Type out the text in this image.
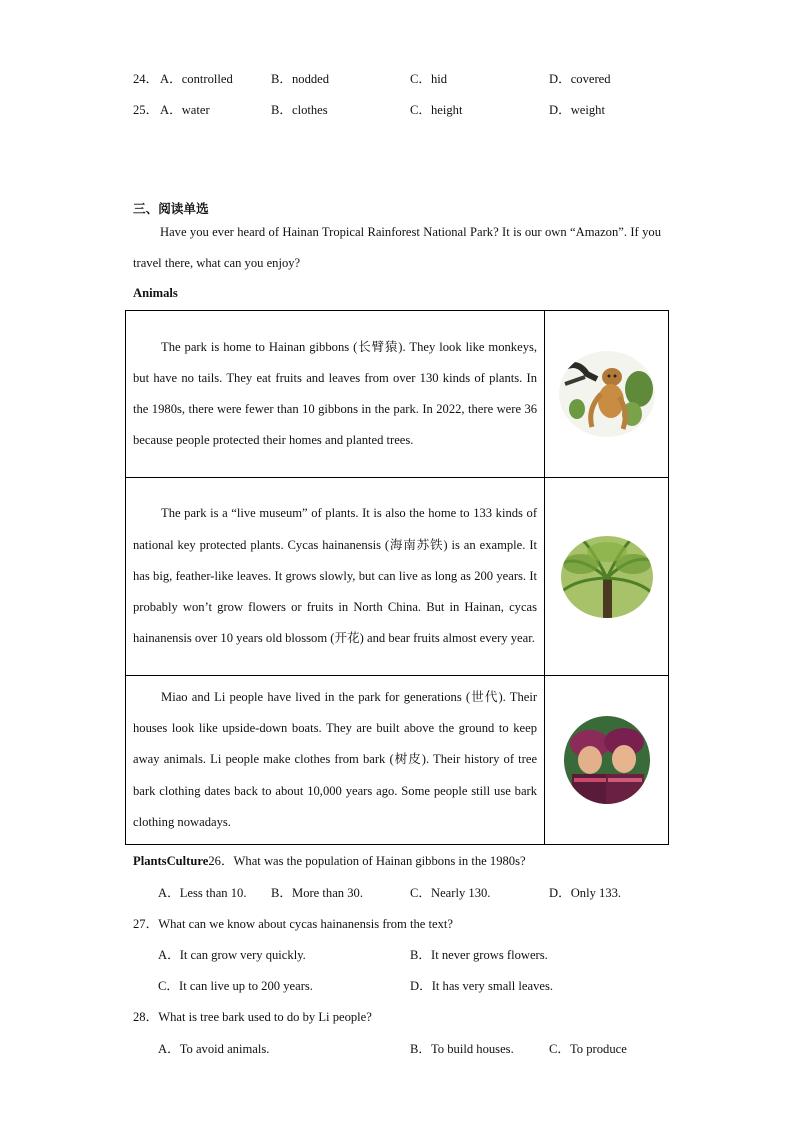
24． A．controlled	B．nodded	C．hid	D．covered
25． A．water	B．clothes	C．height	D．weight
三、阅读单选
Have you ever heard of Hainan Tropical Rainforest National Park? It is our own “Amazon”. If you travel there, what can you enjoy?
Animals
The park is home to Hainan gibbons (长臂猿). They look like monkeys, but have no tails. They eat fruits and leaves from over 130 kinds of plants. In the 1980s, there were fewer than 10 gibbons in the park. In 2022, there were 36 because people protected their homes and planted trees.

The park is a “live museum” of plants. It is also the home to 133 kinds of national key protected plants. Cycas hainanensis (海南苏铁) is an example. It has big, feather-like leaves. It grows slowly, but can live as long as 200 years. It probably won’t grow flowers or fruits in North China. But in Hainan, cycas hainanensis over 10 years old blossom (开花) and bear fruits almost every year.

Miao and Li people have lived in the park for generations (世代). Their houses look like upside-down boats. They are built above the ground to keep away animals. Li people make clothes from bark (树皮). Their history of tree bark clothing dates back to about 10,000 years ago. Some people still use bark clothing nowadays.

PlantsCulture26．What was the population of Hainan gibbons in the 1980s?
A．Less than 10. B．More than 30.	C．Nearly 130.	D．Only 133.
27．What can we know about cycas hainanensis from the text?
A．It can grow very quickly.	B．It never grows flowers.
C．It can live up to 200 years.	D．It has very small leaves.
28．What is tree bark used to do by Li people?
A．To avoid animals.	B．To build houses.	C．To produce
